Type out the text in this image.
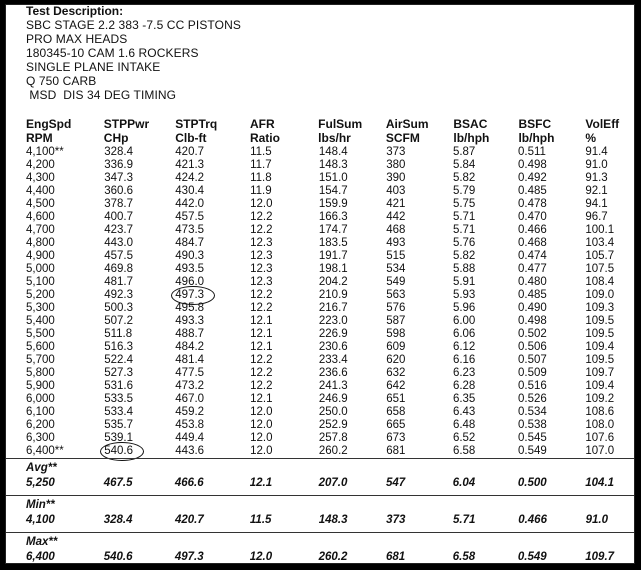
Test Description:
SBC STAGE 2.2 383 -7.5 CC PISTONS
PRO MAX HEADS
180345-10 CAM 1.6 ROCKERS
SINGLE PLANE INTAKE
Q 750 CARB
MSD  DIS 34 DEG TIMING
EngSpd	STPPwr	STPTrq	AFR	FulSum	AirSum	BSAC	BSFC	VolEff
RPM	CHp	Clb-ft	Ratio	lbs/hr	SCFM	lb/hph	lb/hph	%
4,100**	328.4	420.7	11.5	148.4	373	5.87	0.511	91.4
4,200	336.9	421.3	11.7	148.3	380	5.84	0.498	91.0
4,300	347.3	424.2	11.8	151.0	390	5.82	0.492	91.3
4,400	360.6	430.4	11.9	154.7	403	5.79	0.485	92.1
4,500	378.7	442.0	12.0	159.9	421	5.75	0.478	94.1
4,600	400.7	457.5	12.2	166.3	442	5.71	0.470	96.7
4,700	423.7	473.5	12.2	174.7	468	5.71	0.466	100.1
4,800	443.0	484.7	12.3	183.5	493	5.76	0.468	103.4
4,900	457.5	490.3	12.3	191.7	515	5.82	0.474	105.7
5,000	469.8	493.5	12.3	198.1	534	5.88	0.477	107.5
5,100	481.7	496.0	12.3	204.2	549	5.91	0.480	108.4
5,200	492.3	497.3	12.2	210.9	563	5.93	0.485	109.0
5,300	500.3	495.8	12.2	216.7	576	5.96	0.490	109.3
5,400	507.2	493.3	12.1	223.0	587	6.00	0.498	109.5
5,500	511.8	488.7	12.1	226.9	598	6.06	0.502	109.5
5,600	516.3	484.2	12.1	230.6	609	6.12	0.506	109.4
5,700	522.4	481.4	12.2	233.4	620	6.16	0.507	109.5
5,800	527.3	477.5	12.2	236.6	632	6.23	0.509	109.7
5,900	531.6	473.2	12.2	241.3	642	6.28	0.516	109.4
6,000	533.5	467.0	12.1	246.9	651	6.35	0.526	109.2
6,100	533.4	459.2	12.0	250.0	658	6.43	0.534	108.6
6,200	535.7	453.8	12.0	252.9	665	6.48	0.538	108.0
6,300	539.1	449.4	12.0	257.8	673	6.52	0.545	107.6
6,400**	540.6	443.6	12.0	260.2	681	6.58	0.549	107.0
Avg**
5,250	467.5	466.6	12.1	207.0	547	6.04	0.500	104.1
Min**
4,100	328.4	420.7	11.5	148.3	373	5.71	0.466	91.0
Max**
6,400	540.6	497.3	12.0	260.2	681	6.58	0.549	109.7
